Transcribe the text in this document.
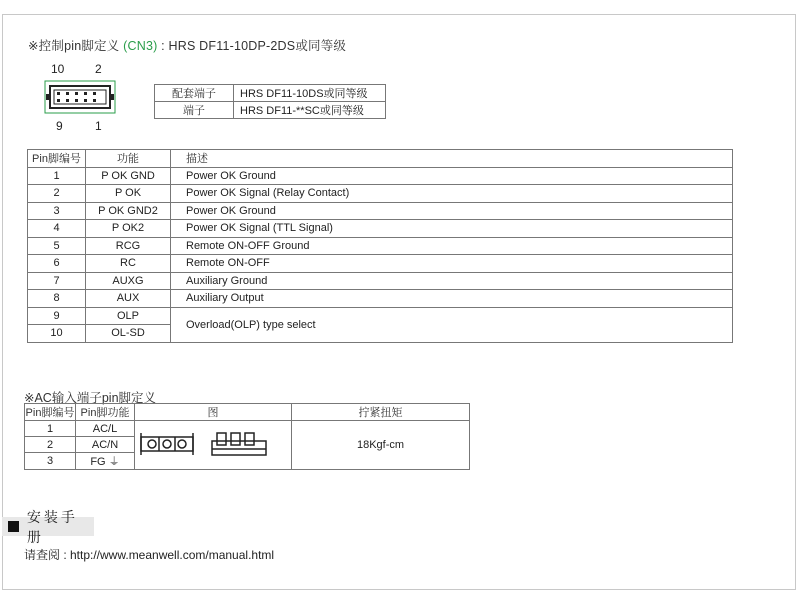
※控制pin脚定义 (CN3) : HRS DF11-10DP-2DS或同等级
10	2
9	1
配套端子	HRS DF11-10DS或同等级
端子	HRS DF11-**SC或同等级
Pin脚编号	功能	描述
1	P OK GND	Power OK Ground
2	P OK	Power OK Signal (Relay Contact)
3	P OK GND2	Power OK Ground
4	P OK2	Power OK Signal (TTL Signal)
5	RCG	Remote ON-OFF Ground
6	RC	Remote ON-OFF
7	AUXG	Auxiliary Ground
8	AUX	Auxiliary Output
9	OLP	Overload(OLP) type select
10	OL-SD	
※AC输入端子pin脚定义
Pin脚编号	Pin脚功能	图	拧紧扭矩
1	AC/L		18Kgf-cm
2	AC/N		
3	FG ⏚		
安装手册
请查阅 : http://www.meanwell.com/manual.html
